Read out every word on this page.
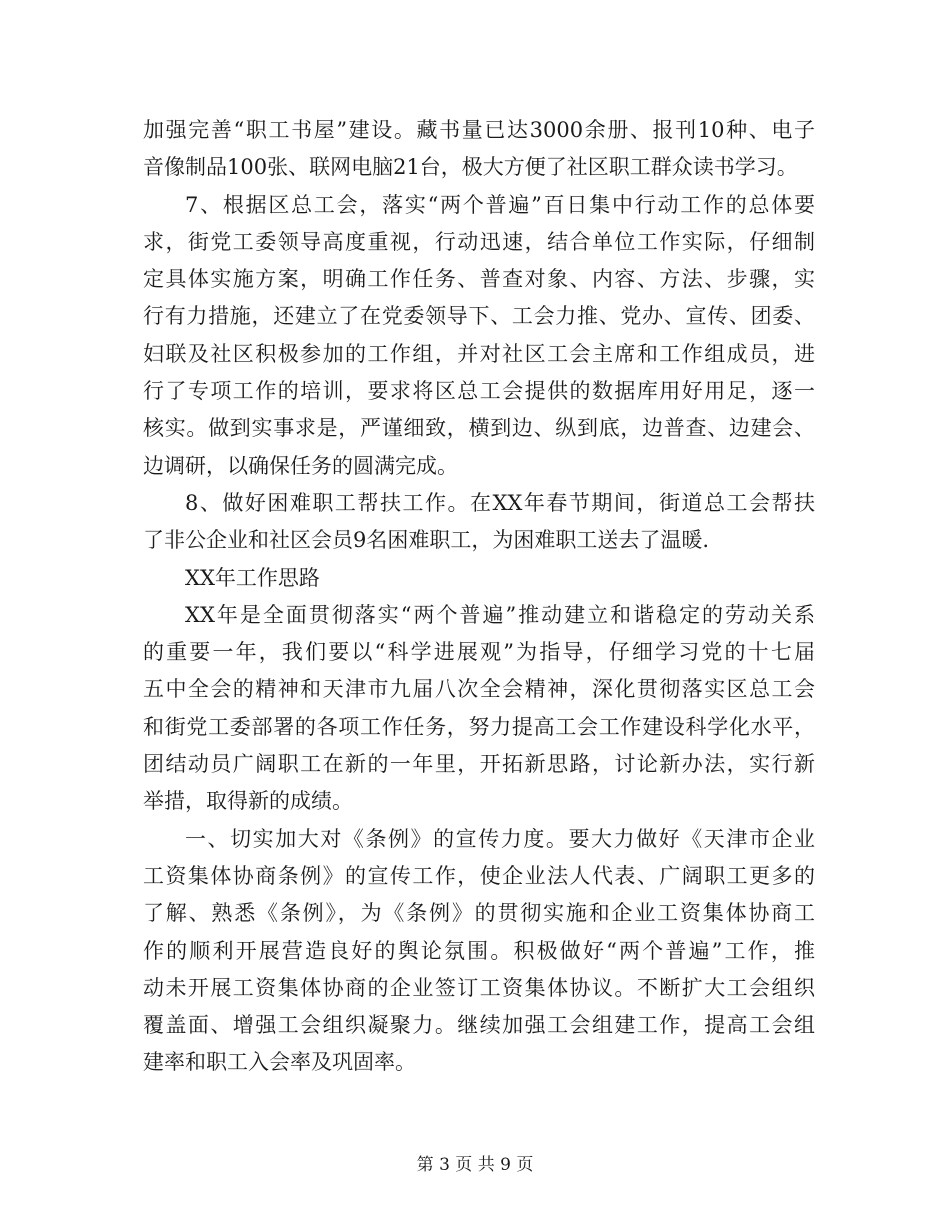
加强完善“职工书屋”建设。藏书量已达3000余册、报刊10种、电子
音像制品100张、联网电脑21台，极大方便了社区职工群众读书学习。
7、根据区总工会，落实“两个普遍”百日集中行动工作的总体要
求，街党工委领导高度重视，行动迅速，结合单位工作实际，仔细制
定具体实施方案，明确工作任务、普查对象、内容、方法、步骤，实
行有力措施，还建立了在党委领导下、工会力推、党办、宣传、团委、
妇联及社区积极参加的工作组，并对社区工会主席和工作组成员，进
行了专项工作的培训，要求将区总工会提供的数据库用好用足，逐一
核实。做到实事求是，严谨细致，横到边、纵到底，边普查、边建会、
边调研，以确保任务的圆满完成。
8、做好困难职工帮扶工作。在XX年春节期间，街道总工会帮扶
了非公企业和社区会员9名困难职工，为困难职工送去了温暖.
XX年工作思路
XX年是全面贯彻落实“两个普遍”推动建立和谐稳定的劳动关系
的重要一年，我们要以“科学进展观”为指导，仔细学习党的十七届
五中全会的精神和天津市九届八次全会精神，深化贯彻落实区总工会
和街党工委部署的各项工作任务，努力提高工会工作建设科学化水平，
团结动员广阔职工在新的一年里，开拓新思路，讨论新办法，实行新
举措，取得新的成绩。
一、切实加大对《条例》的宣传力度。要大力做好《天津市企业
工资集体协商条例》的宣传工作，使企业法人代表、广阔职工更多的
了解、熟悉《条例》，为《条例》的贯彻实施和企业工资集体协商工
作的顺利开展营造良好的舆论氛围。积极做好“两个普遍”工作，推
动未开展工资集体协商的企业签订工资集体协议。不断扩大工会组织
覆盖面、增强工会组织凝聚力。继续加强工会组建工作，提高工会组
建率和职工入会率及巩固率。
第 3 页 共 9 页
